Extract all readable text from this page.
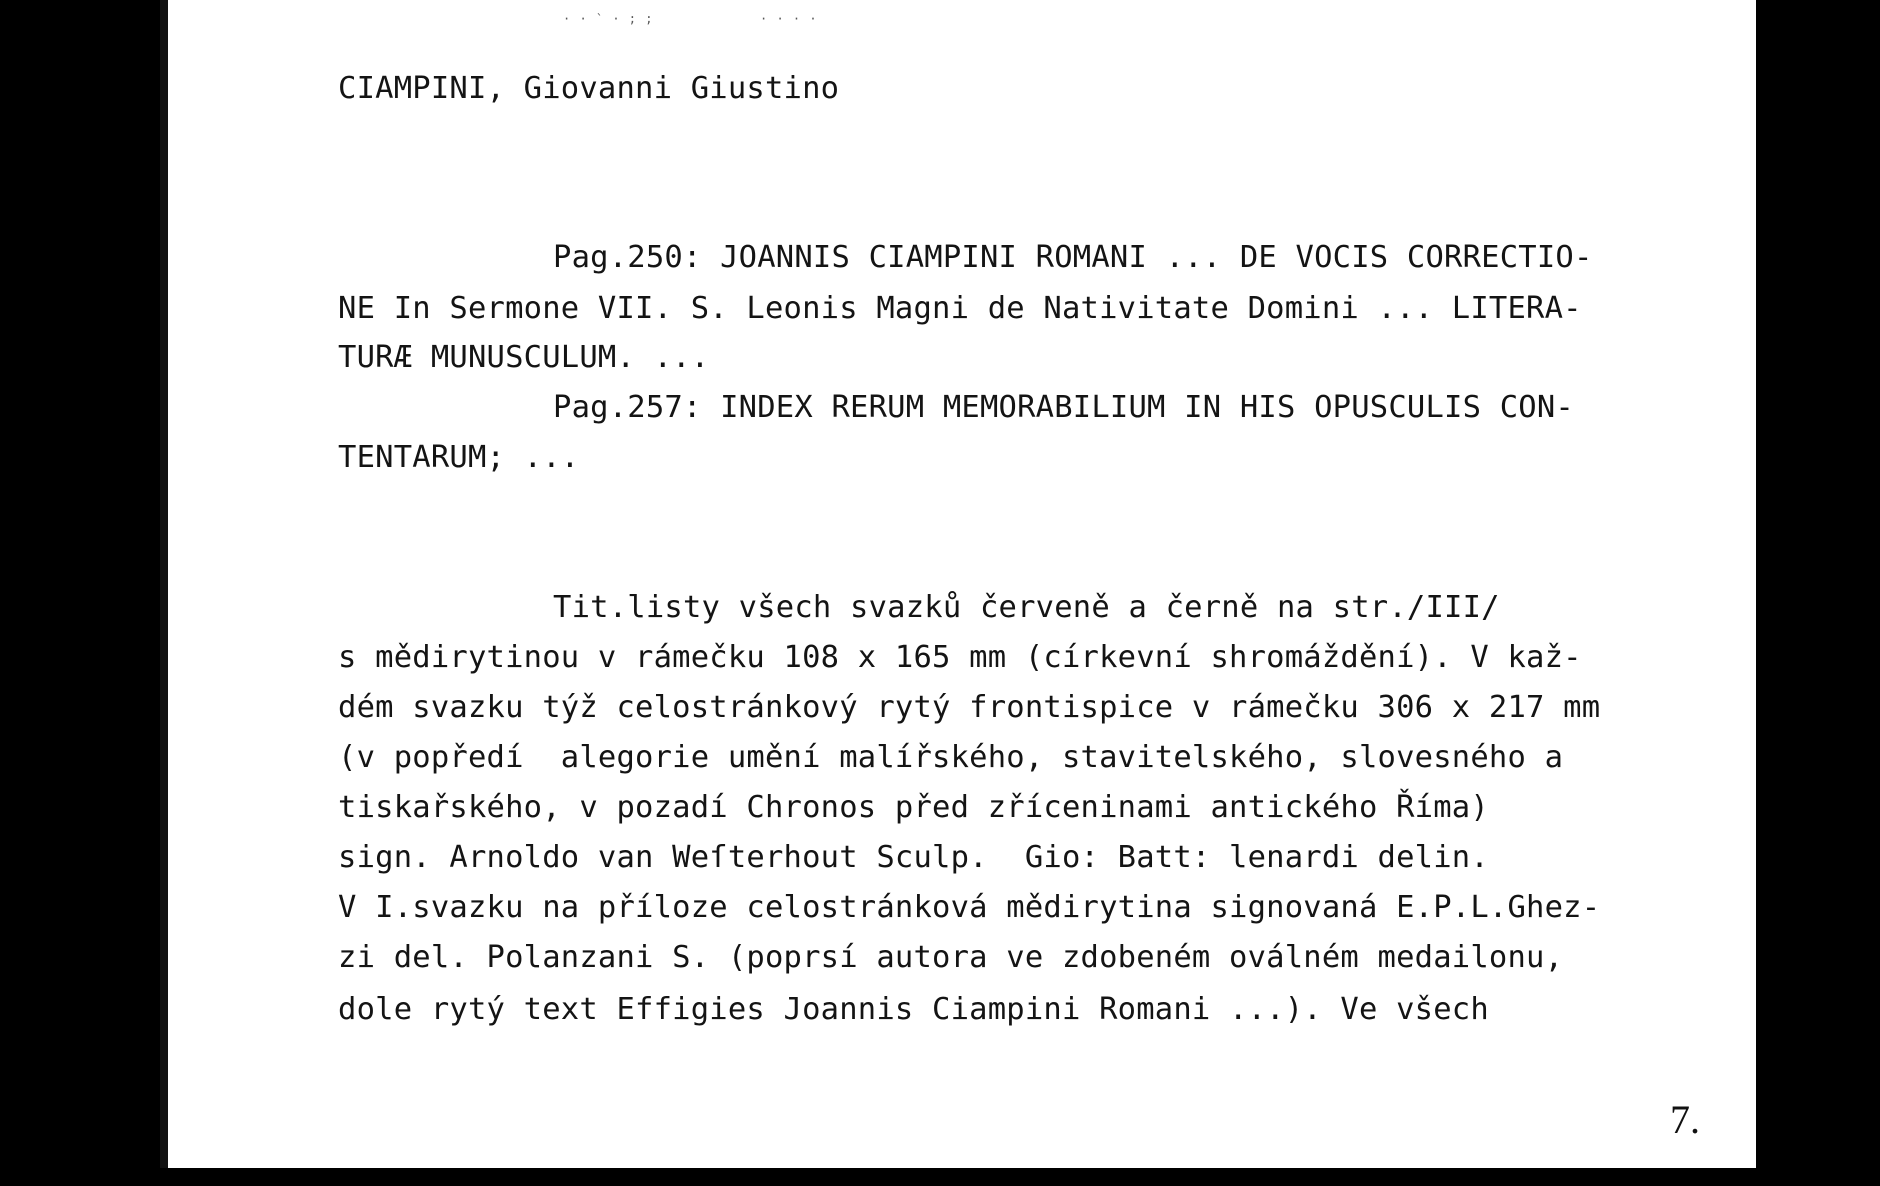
· · ` · ; ;	· · · ·
CIAMPINI, Giovanni Giustino
Pag.250: JOANNIS CIAMPINI ROMANI ... DE VOCIS CORRECTIO-
NE In Sermone VII. S. Leonis Magni de Nativitate Domini ... LITERA-
TURÆ MUNUSCULUM. ...
Pag.257: INDEX RERUM MEMORABILIUM IN HIS OPUSCULIS CON-
TENTARUM; ...
Tit.listy všech svazků červeně a černě na str./III/
s mědirytinou v rámečku 108 x 165 mm (církevní shromáždění). V kaž-
dém svazku týž celostránkový rytý frontispice v rámečku 306 x 217 mm
(v popředí  alegorie umění malířského, stavitelského, slovesného a
tiskařského, v pozadí Chronos před zříceninami antického Říma)
sign. Arnoldo van Weſterhout Sculp.  Gio: Batt: lenardi delin.
V I.svazku na příloze celostránková mědirytina signovaná E.P.L.Ghez-
zi del. Polanzani S. (poprsí autora ve zdobeném oválném medailonu,
dole rytý text Effigies Joannis Ciampini Romani ...). Ve všech
7.
